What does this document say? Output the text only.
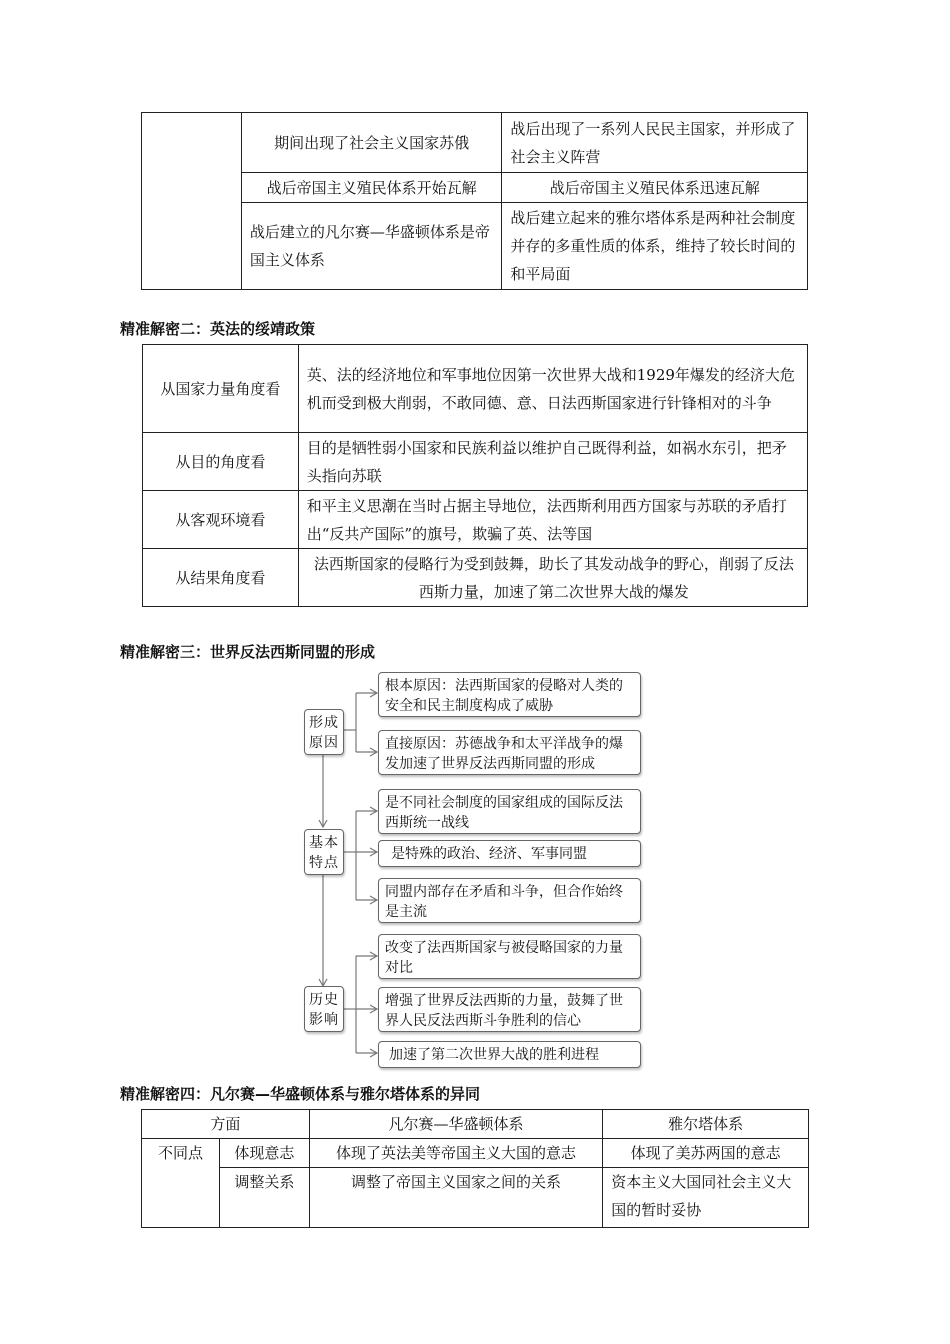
	期间出现了社会主义国家苏俄	战后出现了一系列人民民主国家，并形成了社会主义阵营
	战后帝国主义殖民体系开始瓦解	战后帝国主义殖民体系迅速瓦解
	战后建立的凡尔赛—华盛顿体系是帝国主义体系	战后建立起来的雅尔塔体系是两种社会制度并存的多重性质的体系，维持了较长时间的和平局面
精准解密二：英法的绥靖政策
从国家力量角度看	英、法的经济地位和军事地位因第一次世界大战和1929年爆发的经济大危机而受到极大削弱，不敢同德、意、日法西斯国家进行针锋相对的斗争
从目的角度看	目的是牺牲弱小国家和民族利益以维护自己既得利益，如祸水东引，把矛头指向苏联
从客观环境看	和平主义思潮在当时占据主导地位，法西斯利用西方国家与苏联的矛盾打出“反共产国际”的旗号，欺骗了英、法等国
从结果角度看	法西斯国家的侵略行为受到鼓舞，助长了其发动战争的野心，削弱了反法西斯力量，加速了第二次世界大战的爆发
精准解密三：世界反法西斯同盟的形成
形成原因
基本特点
历史影响
根本原因：法西斯国家的侵略对人类的安全和民主制度构成了威胁
直接原因：苏德战争和太平洋战争的爆发加速了世界反法西斯同盟的形成
是不同社会制度的国家组成的国际反法西斯统一战线
是特殊的政治、经济、军事同盟
同盟内部存在矛盾和斗争，但合作始终是主流
改变了法西斯国家与被侵略国家的力量对比
增强了世界反法西斯的力量，鼓舞了世界人民反法西斯斗争胜利的信心
加速了第二次世界大战的胜利进程
精准解密四：凡尔赛—华盛顿体系与雅尔塔体系的异同
方面		凡尔赛—华盛顿体系	雅尔塔体系
不同点	体现意志	体现了英法美等帝国主义大国的意志	体现了美苏两国的意志
	调整关系	调整了帝国主义国家之间的关系	资本主义大国同社会主义大国的暂时妥协
